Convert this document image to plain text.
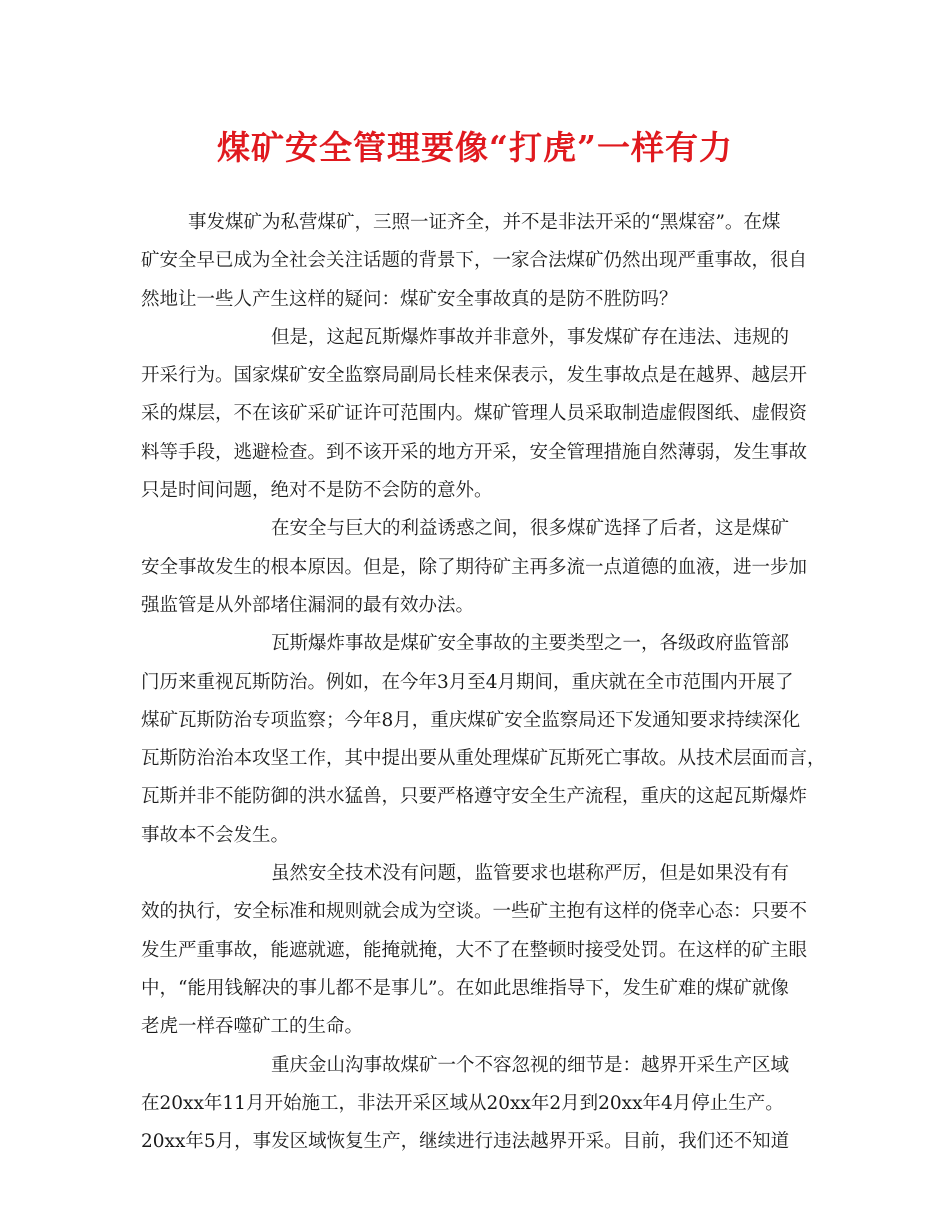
煤矿安全管理要像“打虎”一样有力

事发煤矿为私营煤矿，三照一证齐全，并不是非法开采的“黑煤窑”。在煤
矿安全早已成为全社会关注话题的背景下，一家合法煤矿仍然出现严重事故，很自
然地让一些人产生这样的疑问：煤矿安全事故真的是防不胜防吗？

但是，这起瓦斯爆炸事故并非意外，事发煤矿存在违法、违规的
开采行为。国家煤矿安全监察局副局长桂来保表示，发生事故点是在越界、越层开
采的煤层，不在该矿采矿证许可范围内。煤矿管理人员采取制造虚假图纸、虚假资
料等手段，逃避检查。到不该开采的地方开采，安全管理措施自然薄弱，发生事故
只是时间问题，绝对不是防不会防的意外。

在安全与巨大的利益诱惑之间，很多煤矿选择了后者，这是煤矿
安全事故发生的根本原因。但是，除了期待矿主再多流一点道德的血液，进一步加
强监管是从外部堵住漏洞的最有效办法。

瓦斯爆炸事故是煤矿安全事故的主要类型之一，各级政府监管部
门历来重视瓦斯防治。例如，在今年3月至4月期间，重庆就在全市范围内开展了
煤矿瓦斯防治专项监察；今年8月，重庆煤矿安全监察局还下发通知要求持续深化
瓦斯防治治本攻坚工作，其中提出要从重处理煤矿瓦斯死亡事故。从技术层面而言，
瓦斯并非不能防御的洪水猛兽，只要严格遵守安全生产流程，重庆的这起瓦斯爆炸
事故本不会发生。

虽然安全技术没有问题，监管要求也堪称严厉，但是如果没有有
效的执行，安全标准和规则就会成为空谈。一些矿主抱有这样的侥幸心态：只要不
发生严重事故，能遮就遮，能掩就掩，大不了在整顿时接受处罚。在这样的矿主眼
中，“能用钱解决的事儿都不是事儿”。在如此思维指导下，发生矿难的煤矿就像
老虎一样吞噬矿工的生命。

重庆金山沟事故煤矿一个不容忽视的细节是：越界开采生产区域
在20xx年11月开始施工，非法开采区域从20xx年2月到20xx年4月停止生产。
20xx年5月，事发区域恢复生产，继续进行违法越界开采。目前，我们还不知道
